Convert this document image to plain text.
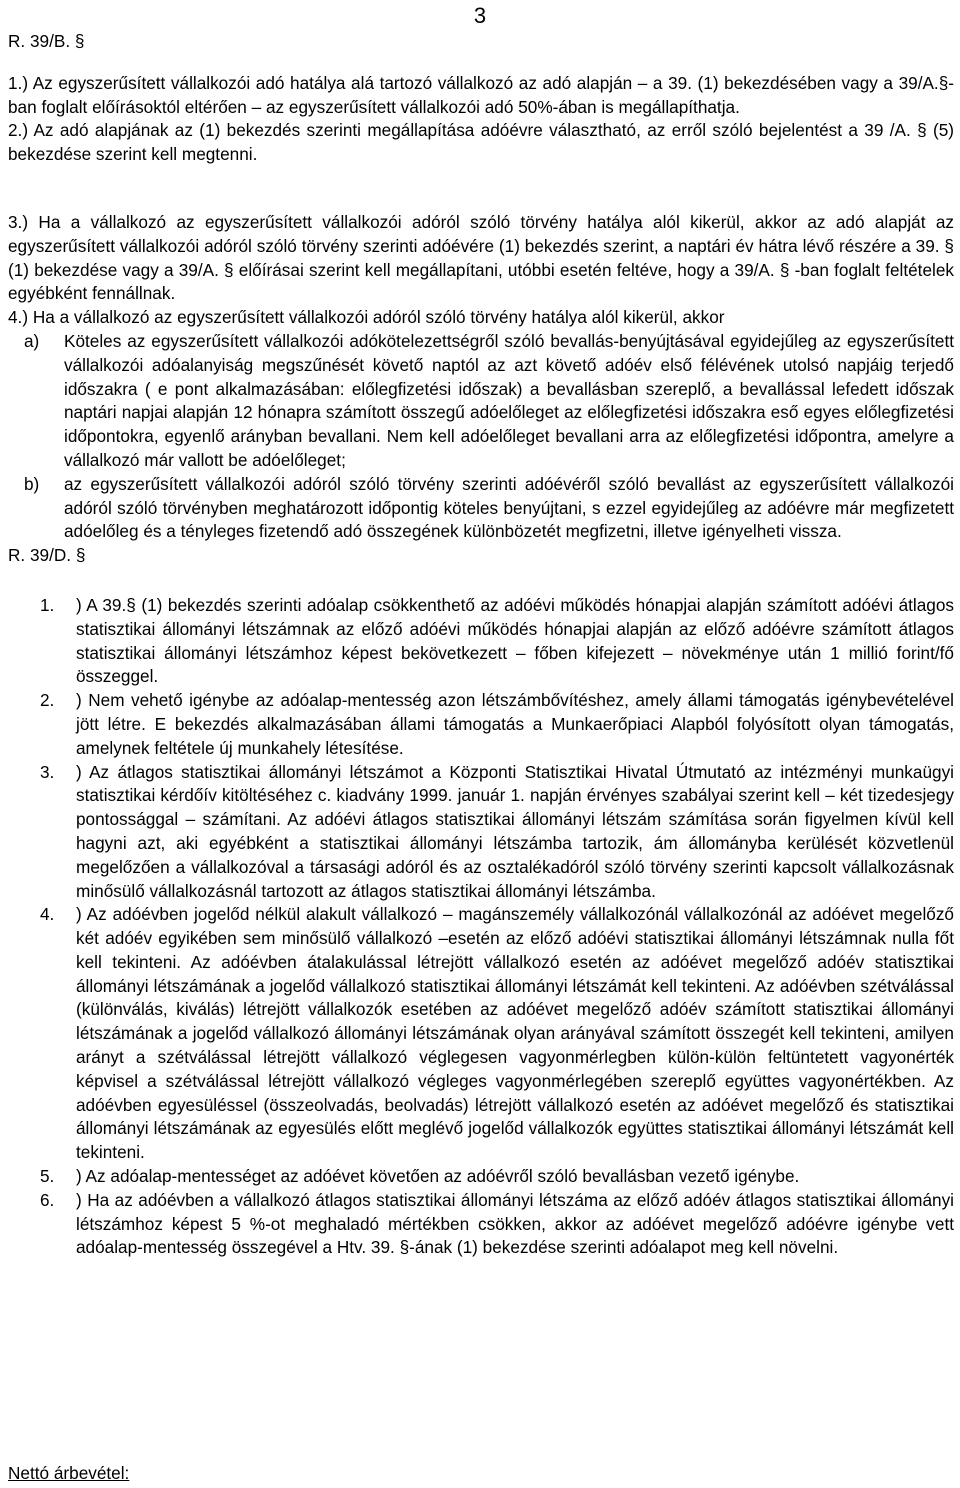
3

R. 39/B. §

1.) Az egyszerűsített vállalkozói adó hatálya alá tartozó vállalkozó az adó alapján – a 39. (1) bekezdésében vagy a 39/A.§-ban foglalt előírásoktól eltérően – az egyszerűsített vállalkozói adó 50%-ában is megállapíthatja.

2.) Az adó alapjának az (1) bekezdés szerinti megállapítása adóévre választható, az erről szóló bejelentést a 39 /A. § (5) bekezdése szerint kell megtenni.

3.) Ha a vállalkozó az egyszerűsített vállalkozói adóról szóló törvény hatálya alól kikerül, akkor az adó alapját az egyszerűsített vállalkozói adóról szóló törvény szerinti adóévére (1) bekezdés szerint, a naptári év hátra lévő részére a 39. § (1) bekezdése vagy a 39/A. § előírásai szerint kell megállapítani, utóbbi esetén feltéve, hogy a 39/A. § -ban foglalt feltételek egyébként fennállnak.

4.) Ha a vállalkozó az egyszerűsített vállalkozói adóról szóló törvény hatálya alól kikerül, akkor

a)	Köteles az egyszerűsített vállalkozói adókötelezettségről szóló bevallás-benyújtásával egyidejűleg az egyszerűsített vállalkozói adóalanyiság megszűnését követő naptól az azt követő adóév első félévének utolsó napjáig terjedő időszakra ( e pont alkalmazásában: előlegfizetési időszak) a bevallásban szereplő, a bevallással lefedett időszak naptári napjai alapján 12 hónapra számított összegű adóelőleget az előlegfizetési időszakra eső egyes előlegfizetési időpontokra, egyenlő arányban bevallani. Nem kell adóelőleget bevallani arra az előlegfizetési időpontra, amelyre a vállalkozó már vallott be adóelőleget;
b)	az egyszerűsített vállalkozói adóról szóló törvény szerinti adóévéről szóló bevallást az egyszerűsített vállalkozói adóról szóló törvényben meghatározott időpontig köteles benyújtani, s ezzel egyidejűleg az adóévre már megfizetett adóelőleg és a tényleges fizetendő adó összegének különbözetét megfizetni, illetve igényelheti vissza.

R. 39/D. §

1.	) A 39.§ (1) bekezdés szerinti adóalap csökkenthető az adóévi működés hónapjai alapján számított adóévi átlagos statisztikai állományi létszámnak az előző adóévi működés hónapjai alapján az előző adóévre számított átlagos statisztikai állományi létszámhoz képest bekövetkezett – főben kifejezett – növekménye után 1 millió forint/fő összeggel.
2.	) Nem vehető igénybe az adóalap-mentesség azon létszámbővítéshez, amely állami támogatás igénybevételével jött létre. E bekezdés alkalmazásában állami támogatás a Munkaerőpiaci Alapból folyósított olyan támogatás, amelynek feltétele új munkahely létesítése.
3.	) Az átlagos statisztikai állományi létszámot a Központi Statisztikai Hivatal Útmutató az intézményi munkaügyi statisztikai kérdőív kitöltéséhez c. kiadvány 1999. január 1. napján érvényes szabályai szerint kell – két tizedesjegy pontossággal – számítani. Az adóévi átlagos statisztikai állományi létszám számítása során figyelmen kívül kell hagyni azt, aki egyébként a statisztikai állományi létszámba tartozik, ám állományba kerülését közvetlenül megelőzően a vállalkozóval a társasági adóról és az osztalékadóról szóló törvény szerinti kapcsolt vállalkozásnak minősülő vállalkozásnál tartozott az átlagos statisztikai állományi létszámba.
4.	) Az adóévben jogelőd nélkül alakult vállalkozó – magánszemély vállalkozónál vállalkozónál az adóévet megelőző két adóév egyikében sem minősülő vállalkozó –esetén az előző adóévi statisztikai állományi létszámnak nulla főt kell tekinteni. Az adóévben átalakulással létrejött vállalkozó esetén az adóévet megelőző adóév statisztikai állományi létszámának a jogelőd vállalkozó statisztikai állományi létszámát kell tekinteni. Az adóévben szétválással (különválás, kiválás) létrejött vállalkozók esetében az adóévet megelőző adóév számított statisztikai állományi létszámának a jogelőd vállalkozó állományi létszámának olyan arányával számított összegét kell tekinteni, amilyen arányt a szétválással létrejött vállalkozó véglegesen vagyonmérlegben külön-külön feltüntetett vagyonérték képvisel a szétválással létrejött vállalkozó végleges vagyonmérlegében szereplő együttes vagyonértékben. Az adóévben egyesüléssel (összeolvadás, beolvadás) létrejött vállalkozó esetén az adóévet megelőző és statisztikai állományi létszámának az egyesülés előtt meglévő jogelőd vállalkozók együttes statisztikai állományi létszámát kell tekinteni.
5.	) Az adóalap-mentességet az adóévet követően az adóévről szóló bevallásban vezető igénybe.
6.	) Ha az adóévben a vállalkozó átlagos statisztikai állományi létszáma az előző adóév átlagos statisztikai állományi létszámhoz képest 5 %-ot meghaladó mértékben csökken, akkor az adóévet megelőző adóévre igénybe vett adóalap-mentesség összegével a Htv. 39. §-ának (1) bekezdése szerinti adóalapot meg kell növelni.
Nettó árbevétel:
